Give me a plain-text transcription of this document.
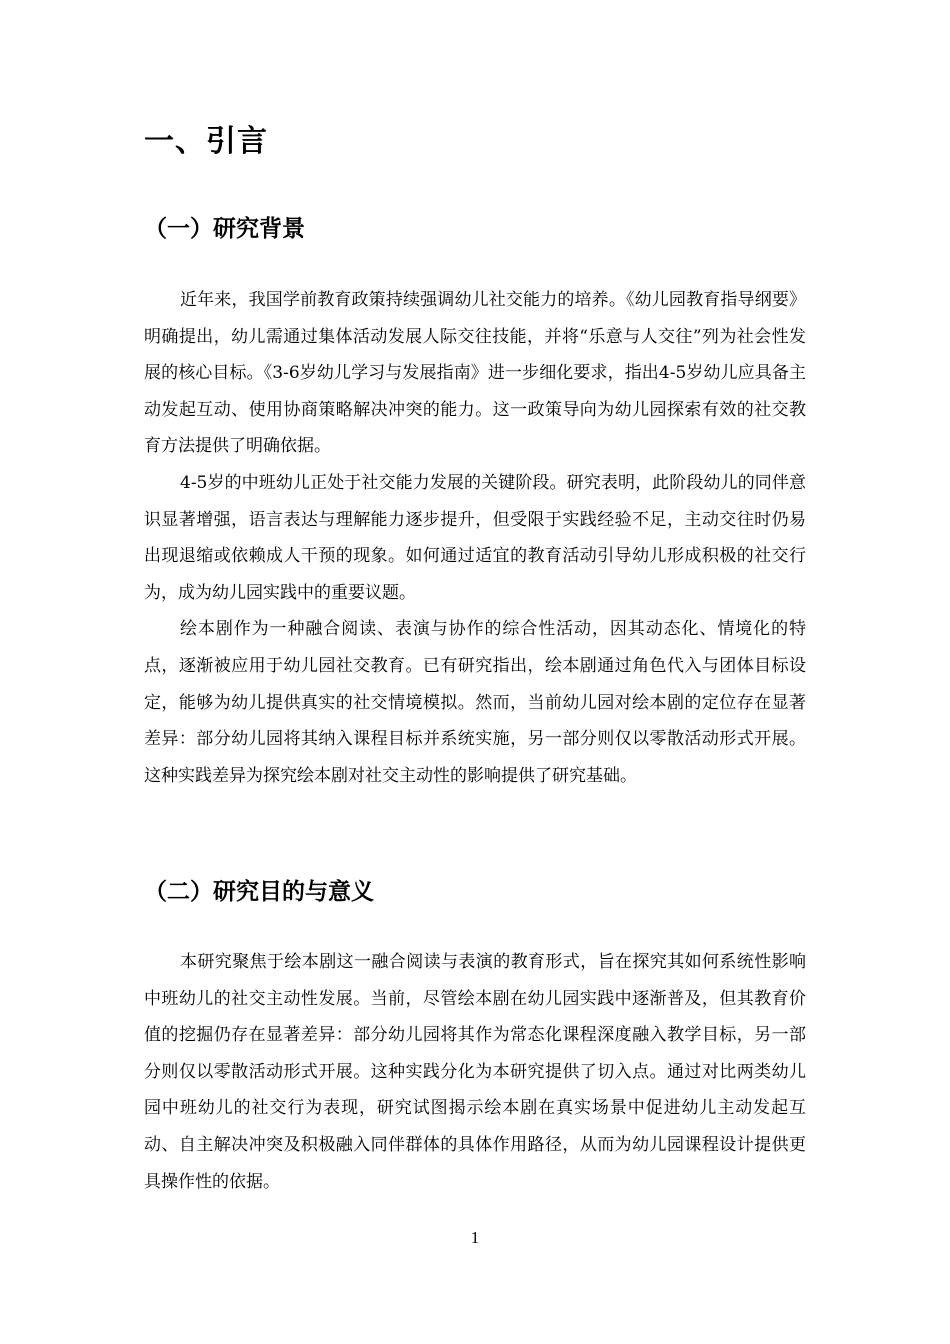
一、引言
（一）研究背景

近年来，我国学前教育政策持续强调幼儿社交能力的培养。《幼儿园教育指导纲要》明确提出，幼儿需通过集体活动发展人际交往技能，并将“乐意与人交往”列为社会性发展的核心目标。《3-6岁幼儿学习与发展指南》进一步细化要求，指出4-5岁幼儿应具备主动发起互动、使用协商策略解决冲突的能力。这一政策导向为幼儿园探索有效的社交教育方法提供了明确依据。

4-5岁的中班幼儿正处于社交能力发展的关键阶段。研究表明，此阶段幼儿的同伴意识显著增强，语言表达与理解能力逐步提升，但受限于实践经验不足，主动交往时仍易出现退缩或依赖成人干预的现象。如何通过适宜的教育活动引导幼儿形成积极的社交行为，成为幼儿园实践中的重要议题。

绘本剧作为一种融合阅读、表演与协作的综合性活动，因其动态化、情境化的特点，逐渐被应用于幼儿园社交教育。已有研究指出，绘本剧通过角色代入与团体目标设定，能够为幼儿提供真实的社交情境模拟。然而，当前幼儿园对绘本剧的定位存在显著差异：部分幼儿园将其纳入课程目标并系统实施，另一部分则仅以零散活动形式开展。这种实践差异为探究绘本剧对社交主动性的影响提供了研究基础。

（二）研究目的与意义

本研究聚焦于绘本剧这一融合阅读与表演的教育形式，旨在探究其如何系统性影响中班幼儿的社交主动性发展。当前，尽管绘本剧在幼儿园实践中逐渐普及，但其教育价值的挖掘仍存在显著差异：部分幼儿园将其作为常态化课程深度融入教学目标，另一部分则仅以零散活动形式开展。这种实践分化为本研究提供了切入点。通过对比两类幼儿园中班幼儿的社交行为表现，研究试图揭示绘本剧在真实场景中促进幼儿主动发起互动、自主解决冲突及积极融入同伴群体的具体作用路径，从而为幼儿园课程设计提供更具操作性的依据。

1
